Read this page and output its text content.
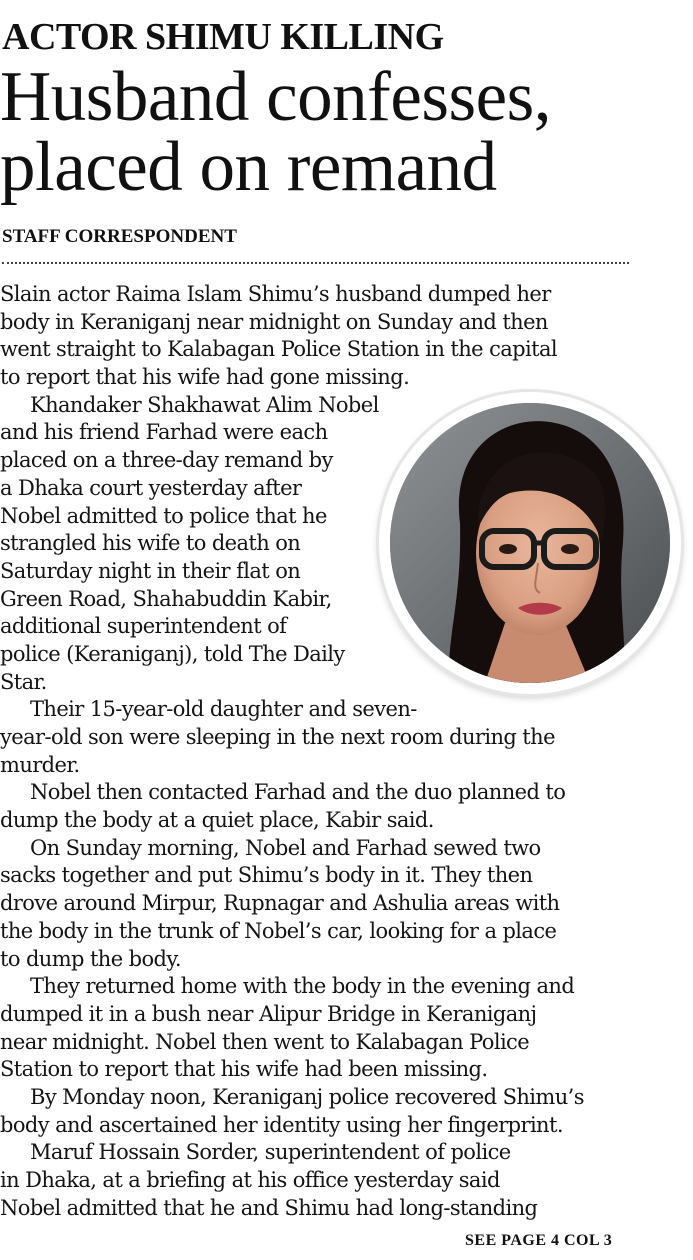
ACTOR SHIMU KILLING
Husband confesses,
placed on remand
STAFF CORRESPONDENT
Slain actor Raima Islam Shimu’s husband dumped her
body in Keraniganj near midnight on Sunday and then
went straight to Kalabagan Police Station in the capital
to report that his wife had gone missing.
Khandaker Shakhawat Alim Nobel
and his friend Farhad were each
placed on a three-day remand by
a Dhaka court yesterday after
Nobel admitted to police that he
strangled his wife to death on
Saturday night in their flat on
Green Road, Shahabuddin Kabir,
additional superintendent of
police (Keraniganj), told The Daily
Star.
Their 15-year-old daughter and seven-
year-old son were sleeping in the next room during the
murder.
Nobel then contacted Farhad and the duo planned to
dump the body at a quiet place, Kabir said.
On Sunday morning, Nobel and Farhad sewed two
sacks together and put Shimu’s body in it. They then
drove around Mirpur, Rupnagar and Ashulia areas with
the body in the trunk of Nobel’s car, looking for a place
to dump the body.
They returned home with the body in the evening and
dumped it in a bush near Alipur Bridge in Keraniganj
near midnight. Nobel then went to Kalabagan Police
Station to report that his wife had been missing.
By Monday noon, Keraniganj police recovered Shimu’s
body and ascertained her identity using her fingerprint.
Maruf Hossain Sorder, superintendent of police
in Dhaka, at a briefing at his office yesterday said
Nobel admitted that he and Shimu had long-standing
SEE PAGE 4 COL 3
